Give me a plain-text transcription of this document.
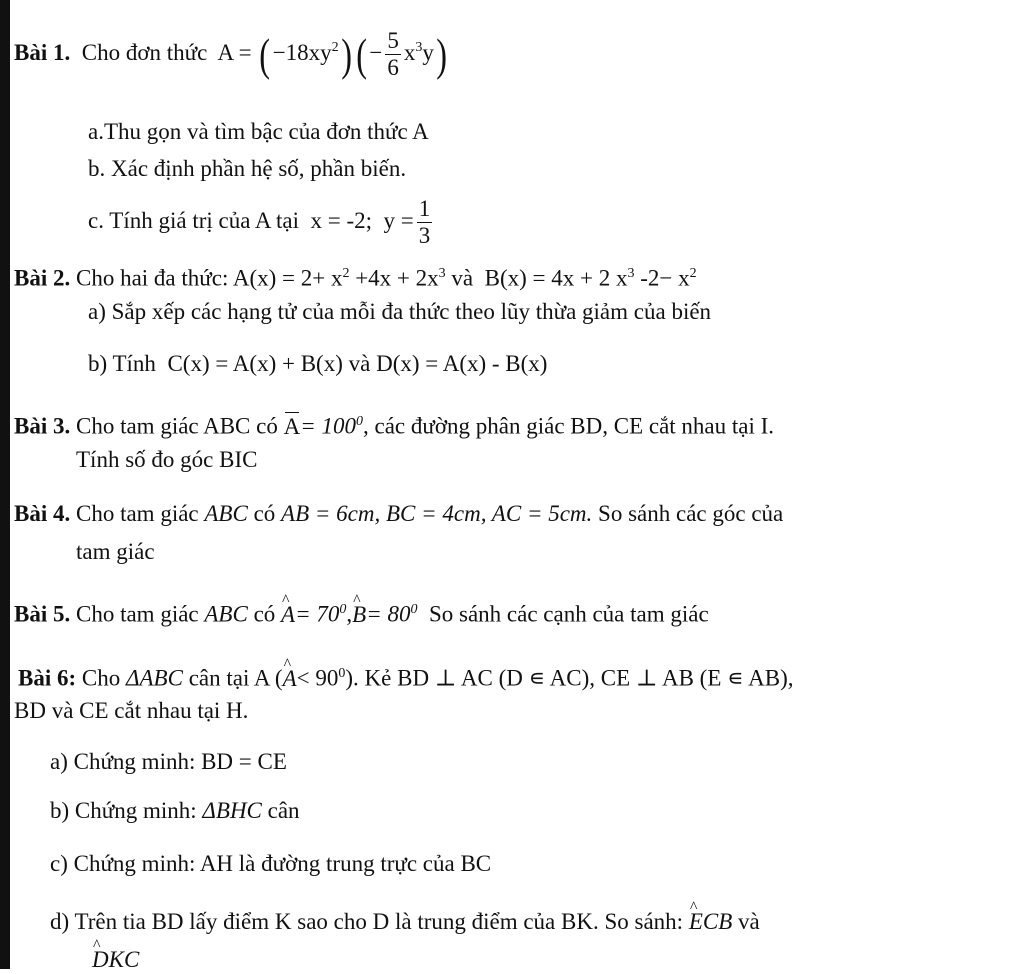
Bài 1. Cho đơn thức $A = (-18xy^2)(- \frac{5}{6} x^3y)$
a.Thu gọn và tìm bậc của đơn thức A
b. Xác định phần hệ số, phần biến.
c. Tính giá trị của A tại x = -2; $y = \frac{1}{3}$
Bài 2. Cho hai đa thức: $A(x) = 2+ x^2 +4x + 2x^3$ và B(x) = 4x + 2 $x^3$ $-2- x^2$
a) Sắp xếp các hạng tử của mỗi đa thức theo lũy thừa giảm của biến
b) Tính C(x) = A(x) + B(x) và D(x) = A(x) - B(x)
Bài 3. Cho tam giác ABC có $A= 100^0$, các đường phân giác BD, CE cắt nhau tại I.
Tính số đo góc BIC
Bài 4. Cho tam giác ABC có AB = 6cm, BC = 4cm, AC = 5cm. So sánh các góc của
tam giác
Bài 5. Cho tam giác ABC có ^ $A= 70^0,\^{}$ $B= 80^0$ So sánh các cạnh của tam giác
Bài 6: Cho ΔABC cân tại A (^ $A< 90^0$). Kẻ BD ⊥ AC (D ∊ AC), CE ⊥ AB (E ∊ AB),
BD và CE cắt nhau tại H.
a) Chứng minh: BD = CE
b) Chứng minh: ΔBHC cân
c) Chứng minh: AH là đường trung trực của BC
d) Trên tia BD lấy điểm K sao cho D là trung điểm của BK. So sánh: ^ ECB và
^ DKC
